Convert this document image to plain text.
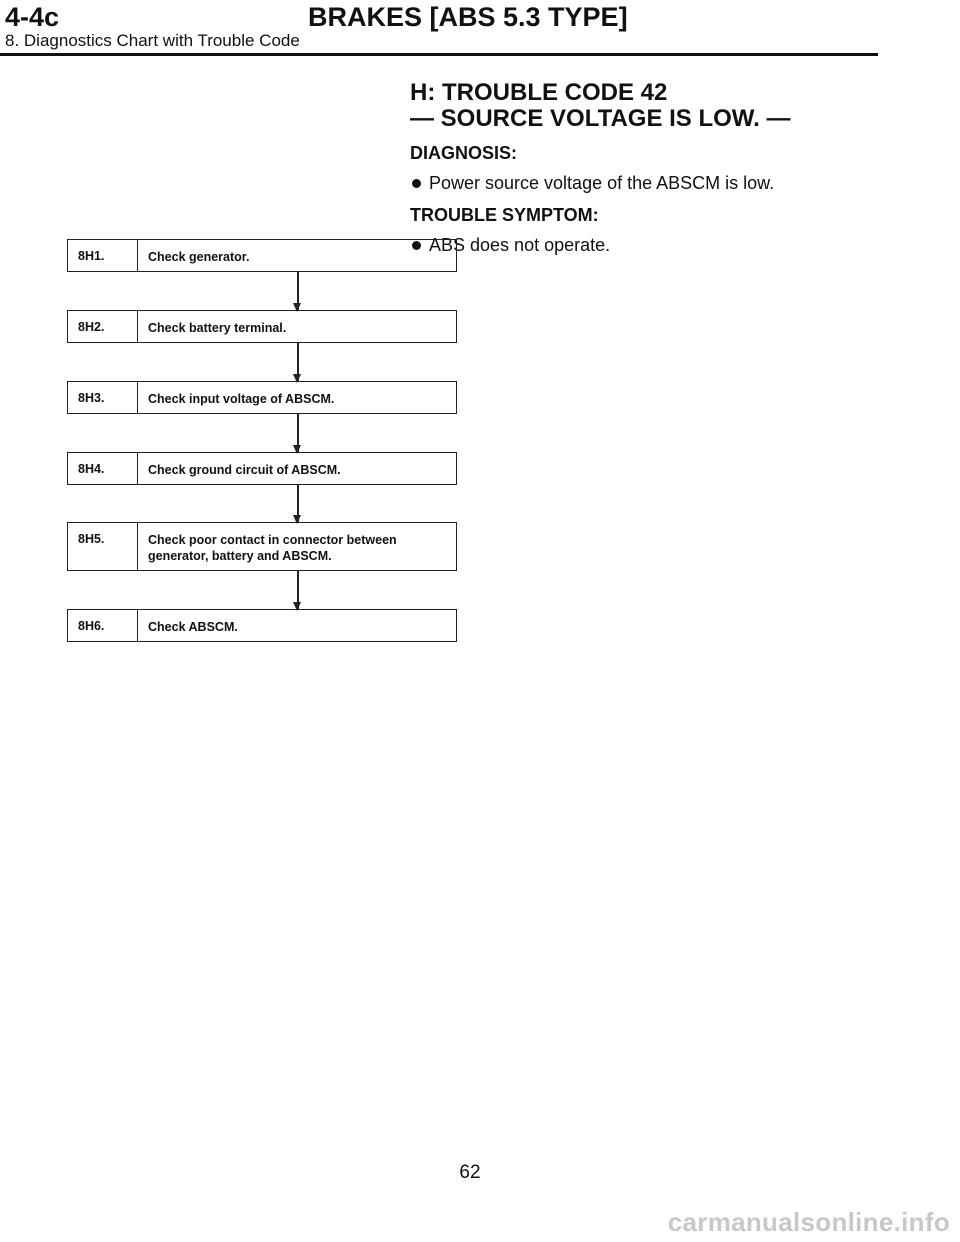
4-4c	BRAKES [ABS 5.3 TYPE]
8. Diagnostics Chart with Trouble Code
H: TROUBLE CODE 42
— SOURCE VOLTAGE IS LOW. —
DIAGNOSIS:
Power source voltage of the ABSCM is low.
TROUBLE SYMPTOM:
ABS does not operate.
8H1.	Check generator.
8H2.	Check battery terminal.
8H3.	Check input voltage of ABSCM.
8H4.	Check ground circuit of ABSCM.
8H5.	Check poor contact in connector between generator, battery and ABSCM.
8H6.	Check ABSCM.
62
carmanualsonline.info
